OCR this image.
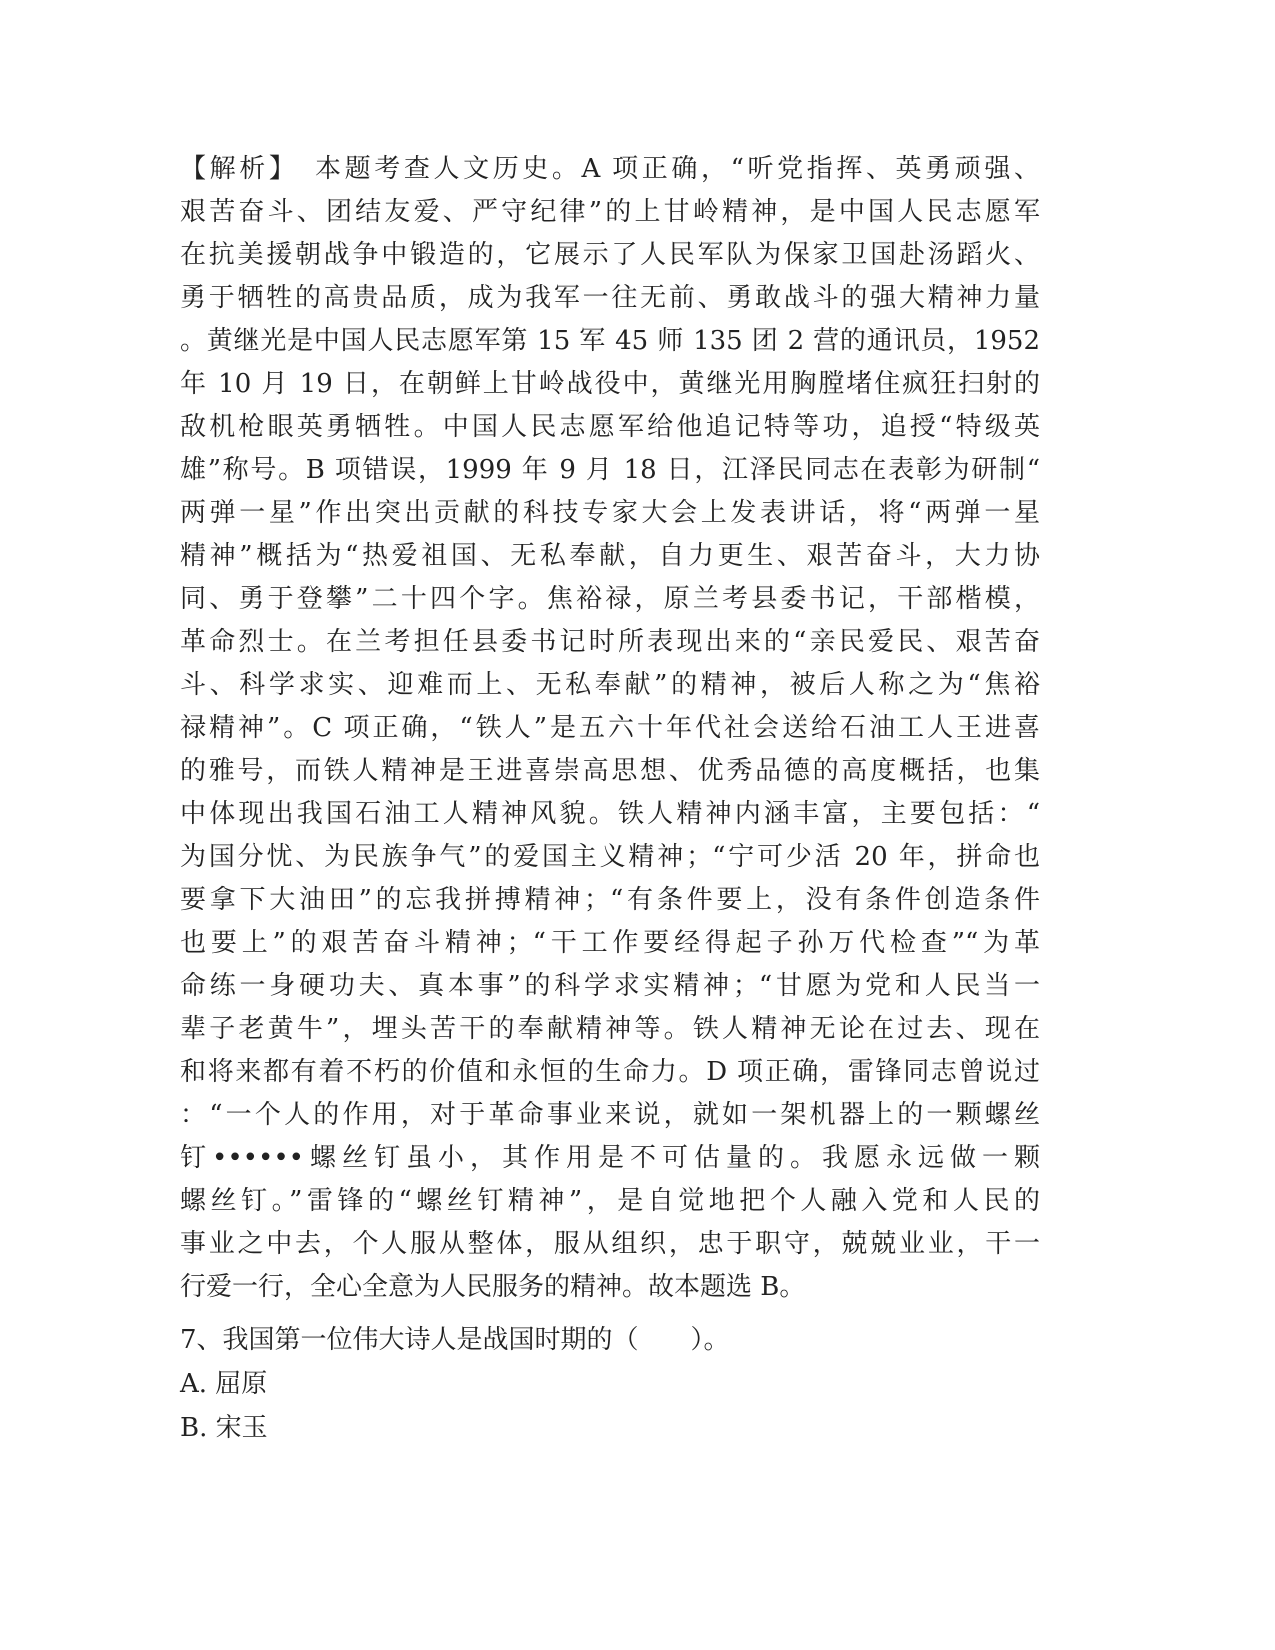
【解析】　本题考查人文历史。A 项正确，“听党指挥、英勇顽强、
艰苦奋斗、团结友爱、严守纪律”的上甘岭精神，是中国人民志愿军
在抗美援朝战争中锻造的，它展示了人民军队为保家卫国赴汤蹈火、
勇于牺牲的高贵品质，成为我军一往无前、勇敢战斗的强大精神力量
。黄继光是中国人民志愿军第 15 军 45 师 135 团 2 营的通讯员，1952
年 10 月 19 日，在朝鲜上甘岭战役中，黄继光用胸膛堵住疯狂扫射的
敌机枪眼英勇牺牲。中国人民志愿军给他追记特等功，追授“特级英
雄”称号。B 项错误，1999 年 9 月 18 日，江泽民同志在表彰为研制“
两弹一星”作出突出贡献的科技专家大会上发表讲话，将“两弹一星
精神”概括为“热爱祖国、无私奉献，自力更生、艰苦奋斗，大力协
同、勇于登攀”二十四个字。焦裕禄，原兰考县委书记，干部楷模，
革命烈士。在兰考担任县委书记时所表现出来的“亲民爱民、艰苦奋
斗、科学求实、迎难而上、无私奉献”的精神，被后人称之为“焦裕
禄精神”。C 项正确，“铁人”是五六十年代社会送给石油工人王进喜
的雅号，而铁人精神是王进喜崇高思想、优秀品德的高度概括，也集
中体现出我国石油工人精神风貌。铁人精神内涵丰富，主要包括：“
为国分忧、为民族争气”的爱国主义精神；“宁可少活 20 年，拼命也
要拿下大油田”的忘我拼搏精神；“有条件要上，没有条件创造条件
也要上”的艰苦奋斗精神；“干工作要经得起子孙万代检查”“为革
命练一身硬功夫、真本事”的科学求实精神；“甘愿为党和人民当一
辈子老黄牛”，埋头苦干的奉献精神等。铁人精神无论在过去、现在
和将来都有着不朽的价值和永恒的生命力。D 项正确，雷锋同志曾说过
：“一个人的作用，对于革命事业来说，就如一架机器上的一颗螺丝
钉••••••螺丝钉虽小，其作用是不可估量的。我愿永远做一颗
螺丝钉。”雷锋的“螺丝钉精神”，是自觉地把个人融入党和人民的
事业之中去，个人服从整体，服从组织，忠于职守，兢兢业业，干一
行爱一行，全心全意为人民服务的精神。故本题选 B。
7、我国第一位伟大诗人是战国时期的（　　）。
A. 屈原
B. 宋玉
